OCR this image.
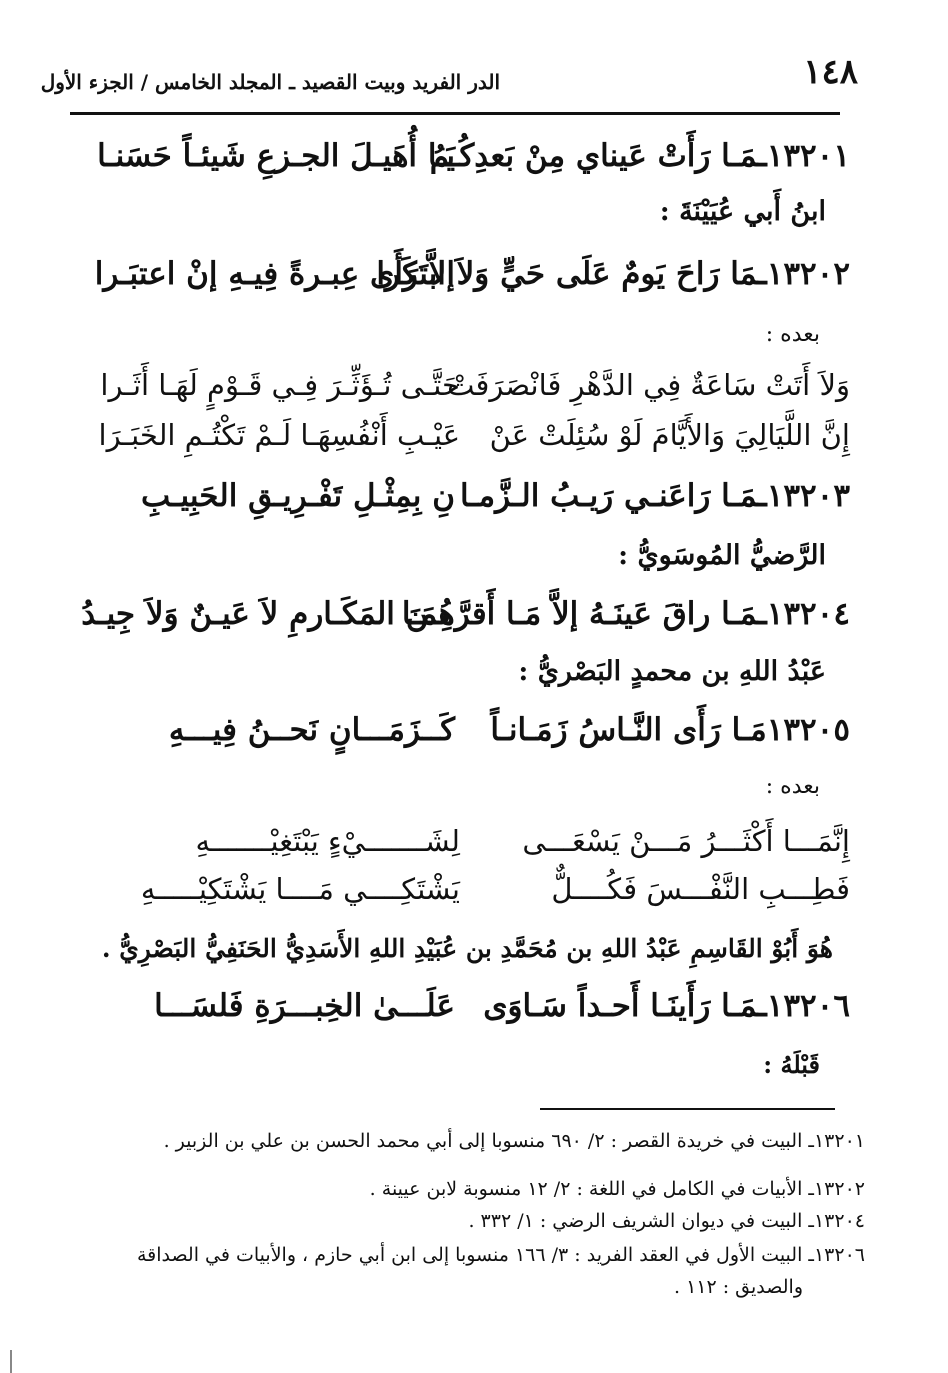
١٤٨
الدر الفريد وبيت القصيد ـ المجلد الخامس / الجزء الأول
١٣٢٠١ـمَـا رَأَتْ عَيناي مِنْ بَعدِكُـمُ
يَـا أُهَيـلَ الجـزعِ شَيئـاً حَسَنـا
ابنُ أَبي عُيَيْنَةَ :
١٣٢٠٢ـمَا رَاحَ يَومٌ عَلَى حَيٍّ وَلاَ ابتَكَرا
إلاَّ رَأَى عِبـرةً فِيـهِ إنْ اعتبَـرا
بعده :
وَلاَ أَتَتْ سَاعَةٌ فِي الدَّهْرِ فَانْصَرَفَتْ
حَتَّـى تُـؤَثِّـرَ فِـي قَـوْمٍ لَهَـا أَثَـرا
إِنَّ اللَّيَالِيَ وَالأَيَّامَ لَوْ سُئِلَتْ عَنْ
عَيْـبِ أَنْفُسِهَـا لَـمْ تَكْتُـمِ الخَبَـرَا
١٣٢٠٣ـمَـا رَاعَنـي رَيـبُ الـزَّمـا
نِ بِمِثْـلِ تَفْـرِيـقِ الحَبِيـبِ
الرَّضيُّ المُوسَويُّ :
١٣٢٠٤ـمَـا راقَ عَينَـهُ إلاَّ مَـا أَقرَّهُمَـا
مِـنَ المَكَـارمِ لاَ عَيـنٌ وَلاَ جِيـدُ
عَبْدُ اللهِ بن محمدٍ البَصْريُّ :
١٣٢٠٥مَـا رَأَى النَّـاسُ زَمَـانـاً
كَــزَمَـــانٍ نَحــنُ فِيـــهِ
بعده :
إِنَّمَـــا أَكْثَـــرُ مَـــنْ يَسْعَـــى
لِشَـــــــيْءٍ يَبْتَغِيْـــــــهِ
فَطِـــبِ النَّفْـــسَ فَكُــــلٌّ
يَشْتَكِــــي مَــــا يَشْتَكِيْـــــهِ
هُوَ أَبُوْ القَاسِمِ عَبْدُ اللهِ بن مُحَمَّدِ بن عُبَيْدِ اللهِ الأَسَدِيُّ الحَنَفِيُّ البَصْرِيُّ .
١٣٢٠٦ـمَـا رَأَينَـا أَحـداً سَـاوَى
عَلَـــىٰ الخِبـــرَةِ فَلسَـــا
قَبْلَهُ :
١٣٢٠١ـ البيت في خريدة القصر : ٢/ ٦٩٠ منسوبا إلى أبي محمد الحسن بن علي بن الزبير .
١٣٢٠٢ـ الأبيات في الكامل في اللغة : ٢/ ١٢ منسوبة لابن عيينة .
١٣٢٠٤ـ البيت في ديوان الشريف الرضي : ١/ ٣٣٢ .
١٣٢٠٦ـ البيت الأول في العقد الفريد : ٣/ ١٦٦ منسوبا إلى ابن أبي حازم ، والأبيات في الصداقة
والصديق : ١١٢ .
